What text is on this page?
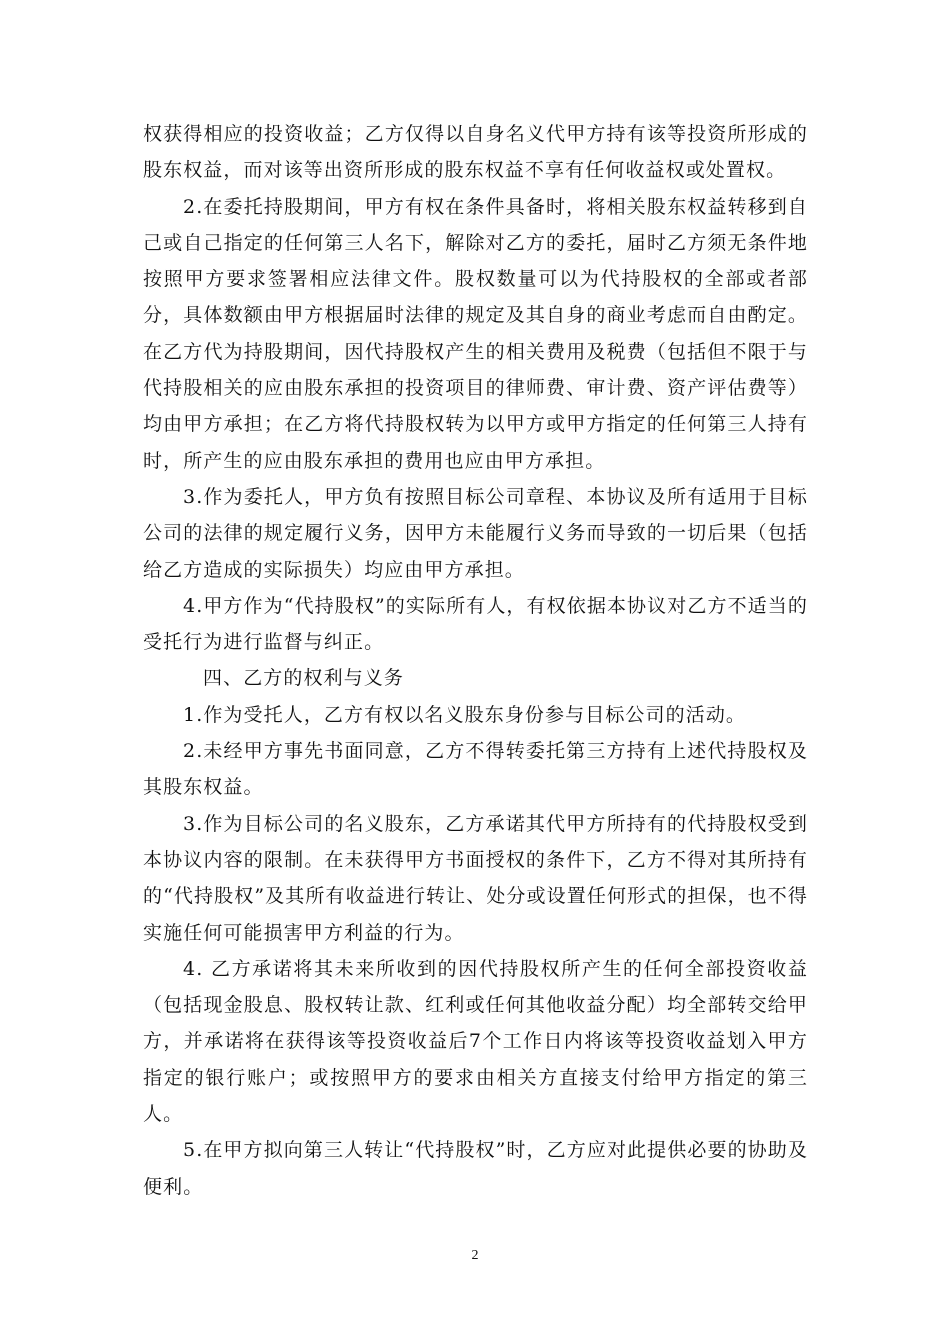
权获得相应的投资收益；乙方仅得以自身名义代甲方持有该等投资所形成的股东权益，而对该等出资所形成的股东权益不享有任何收益权或处置权。

2.在委托持股期间，甲方有权在条件具备时，将相关股东权益转移到自己或自己指定的任何第三人名下，解除对乙方的委托，届时乙方须无条件地按照甲方要求签署相应法律文件。股权数量可以为代持股权的全部或者部分，具体数额由甲方根据届时法律的规定及其自身的商业考虑而自由酌定。在乙方代为持股期间，因代持股权产生的相关费用及税费（包括但不限于与代持股相关的应由股东承担的投资项目的律师费、审计费、资产评估费等）均由甲方承担；在乙方将代持股权转为以甲方或甲方指定的任何第三人持有时，所产生的应由股东承担的费用也应由甲方承担。

3.作为委托人，甲方负有按照目标公司章程、本协议及所有适用于目标公司的法律的规定履行义务，因甲方未能履行义务而导致的一切后果（包括给乙方造成的实际损失）均应由甲方承担。

4.甲方作为“代持股权”的实际所有人，有权依据本协议对乙方不适当的受托行为进行监督与纠正。

四、乙方的权利与义务

1.作为受托人，乙方有权以名义股东身份参与目标公司的活动。

2.未经甲方事先书面同意，乙方不得转委托第三方持有上述代持股权及其股东权益。

3.作为目标公司的名义股东，乙方承诺其代甲方所持有的代持股权受到本协议内容的限制。在未获得甲方书面授权的条件下，乙方不得对其所持有的“代持股权”及其所有收益进行转让、处分或设置任何形式的担保，也不得实施任何可能损害甲方利益的行为。

4. 乙方承诺将其未来所收到的因代持股权所产生的任何全部投资收益（包括现金股息、股权转让款、红利或任何其他收益分配）均全部转交给甲方，并承诺将在获得该等投资收益后7个工作日内将该等投资收益划入甲方指定的银行账户；或按照甲方的要求由相关方直接支付给甲方指定的第三人。

5.在甲方拟向第三人转让“代持股权”时，乙方应对此提供必要的协助及便利。

2
